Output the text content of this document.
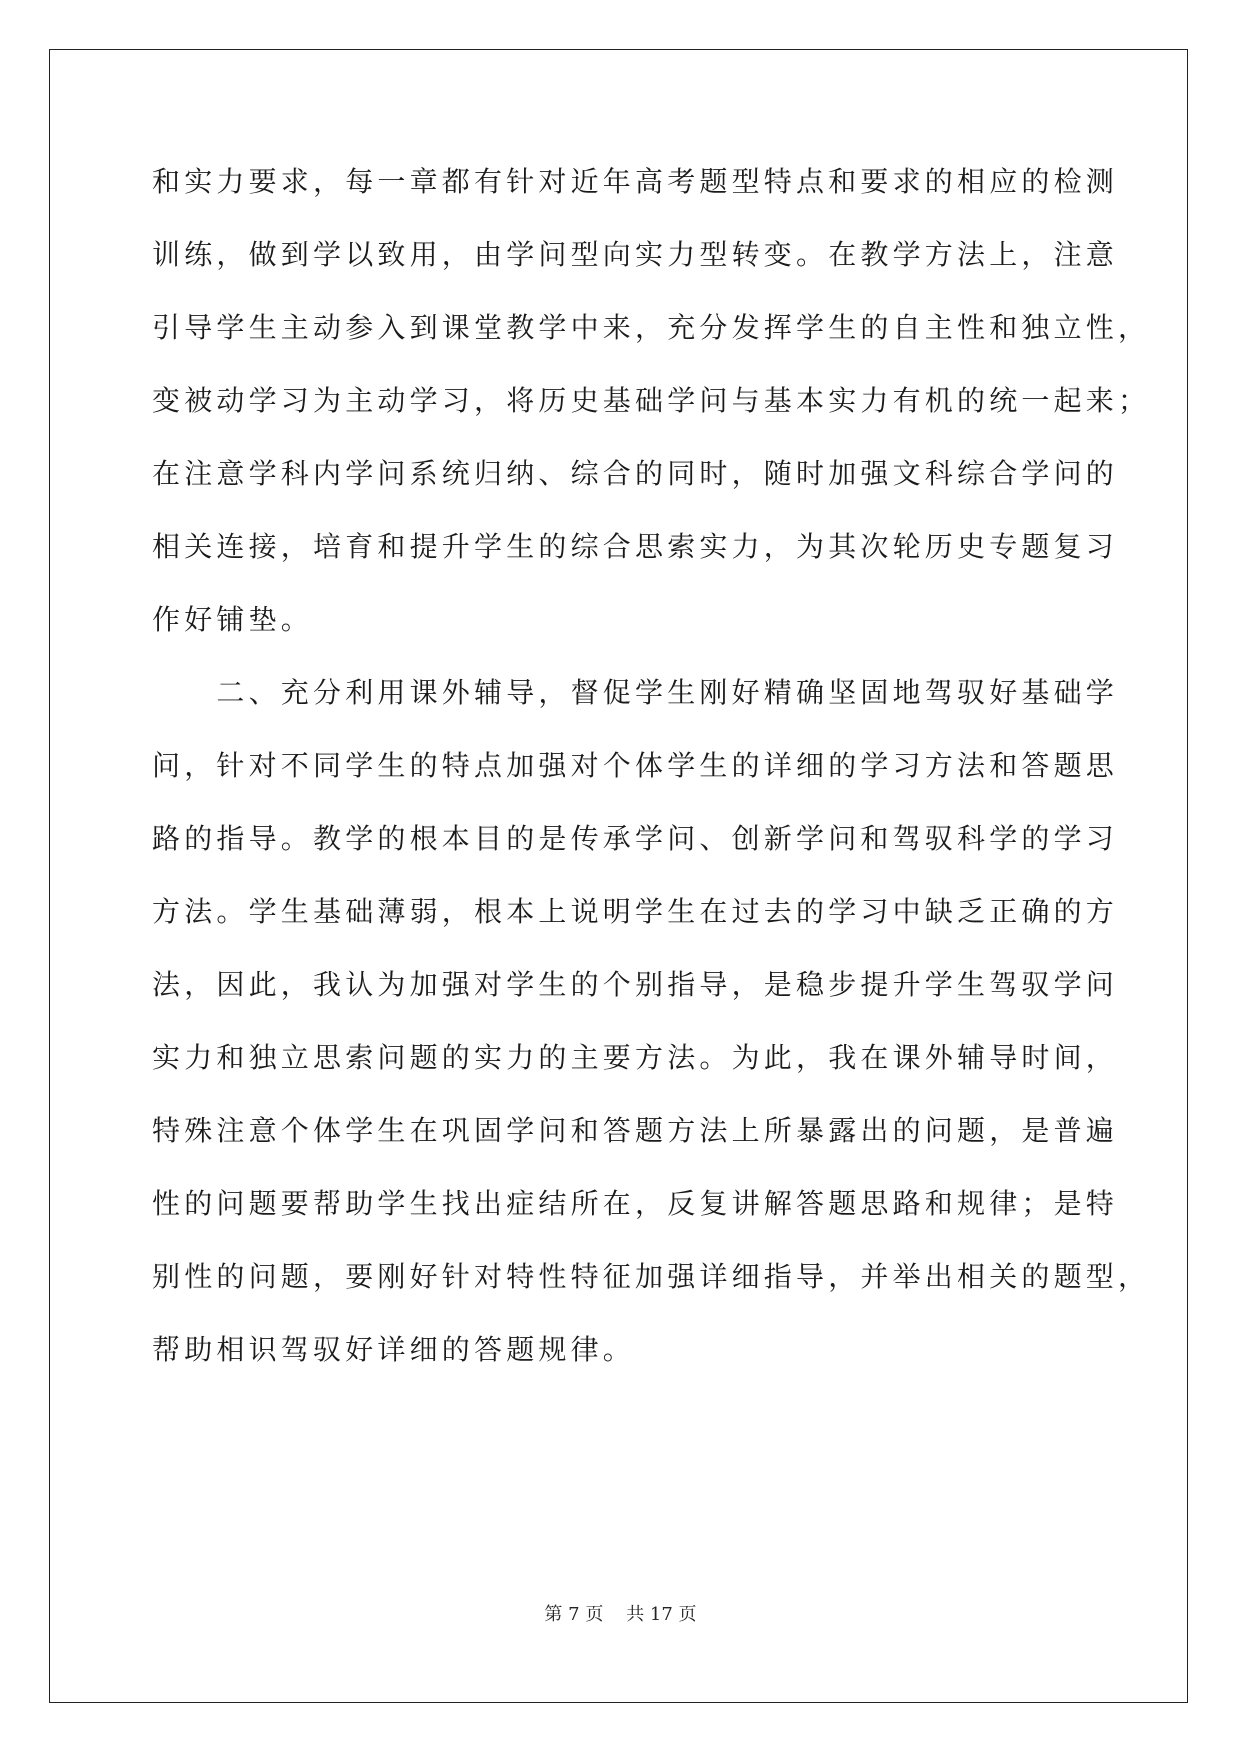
和实力要求，每一章都有针对近年高考题型特点和要求的相应的检测
训练，做到学以致用，由学问型向实力型转变。在教学方法上，注意
引导学生主动参入到课堂教学中来，充分发挥学生的自主性和独立性，
变被动学习为主动学习，将历史基础学问与基本实力有机的统一起来；
在注意学科内学问系统归纳、综合的同时，随时加强文科综合学问的
相关连接，培育和提升学生的综合思索实力，为其次轮历史专题复习
作好铺垫。
　　二、充分利用课外辅导，督促学生刚好精确坚固地驾驭好基础学
问，针对不同学生的特点加强对个体学生的详细的学习方法和答题思
路的指导。教学的根本目的是传承学问、创新学问和驾驭科学的学习
方法。学生基础薄弱，根本上说明学生在过去的学习中缺乏正确的方
法，因此，我认为加强对学生的个别指导，是稳步提升学生驾驭学问
实力和独立思索问题的实力的主要方法。为此，我在课外辅导时间，
特殊注意个体学生在巩固学问和答题方法上所暴露出的问题，是普遍
性的问题要帮助学生找出症结所在，反复讲解答题思路和规律；是特
别性的问题，要刚好针对特性特征加强详细指导，并举出相关的题型，
帮助相识驾驭好详细的答题规律。
第 7 页    共 17 页
